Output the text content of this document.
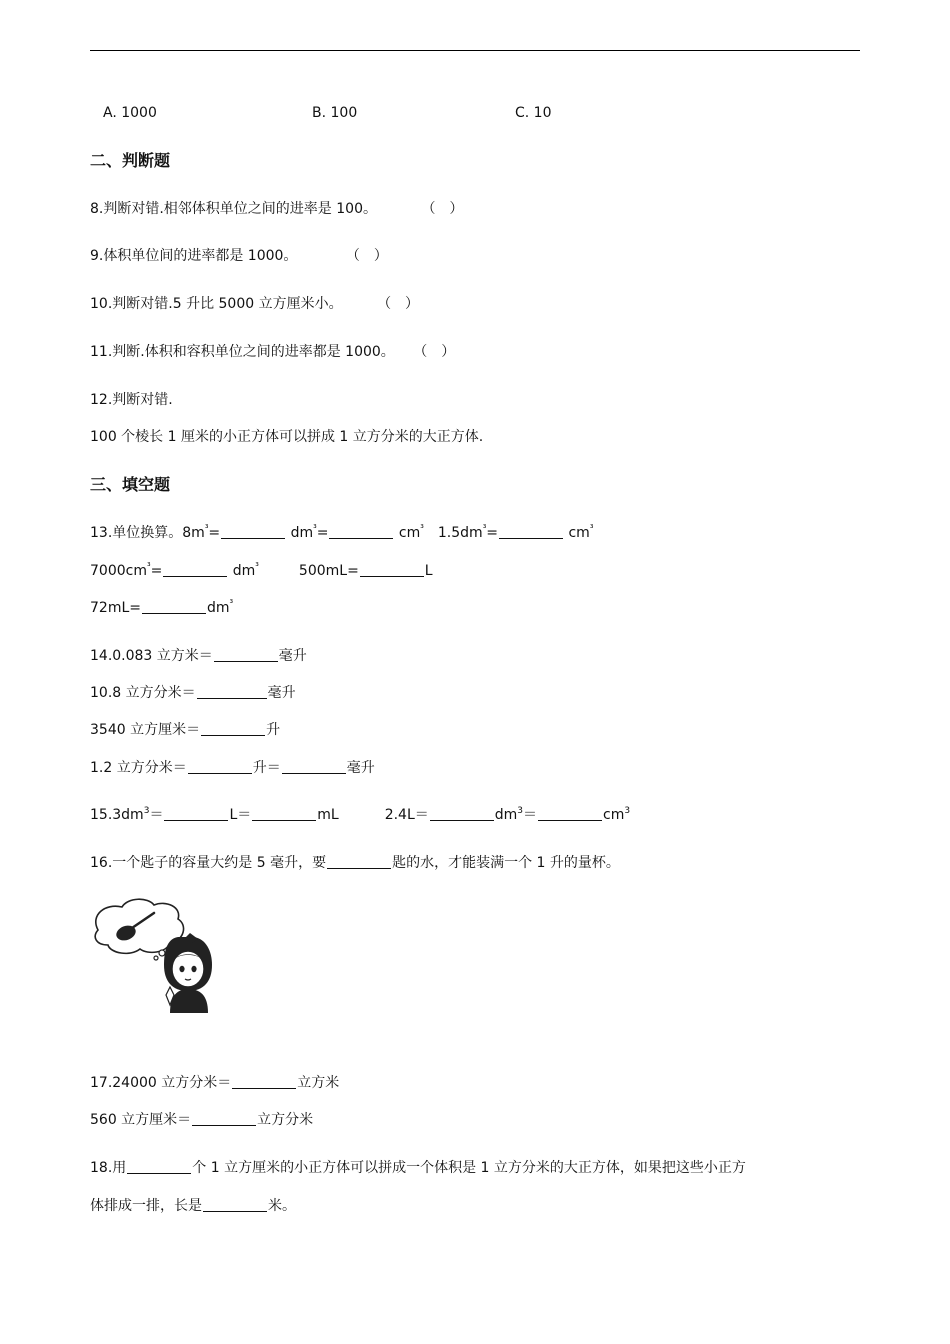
A. 1000	B. 100	C. 10
二、判断题
8.判断对错.相邻体积单位之间的进率是 100。	（　）
9.体积单位间的进率都是 1000。	（　）
10.判断对错.5 升比 5000 立方厘米小。 （　）
11.判断.体积和容积单位之间的进率都是 1000。 （　）
12.判断对错.
100 个棱长 1 厘米的小正方体可以拼成 1 立方分米的大正方体.
三、填空题
13.单位换算。$8m^{^3}=$	$dm^{^3}=$	$cm^{^3}$ $1.5dm^{^3}=$	$cm^{^3}$
$7000cm^{^3}=$	$dm^{^3}$	500mL=	L
72mL=	$dm^{^3}$
14.0.083 立方米＝	毫升
10.8 立方分米＝	毫升
3540 立方厘米＝	升
1.2 立方分米＝	升＝	毫升
$15.3dm^3=$	L＝	mL	2.4L＝	$dm^3=$	$cm^3$
16.一个匙子的容量大约是 5 毫升，要	匙的水，才能装满一个 1 升的量杯。
17.24000 立方分米＝	立方米
560 立方厘米＝	立方分米
18.用	个 1 立方厘米的小正方体可以拼成一个体积是 1 立方分米的大正方体，如果把这些小正方
体排成一排，长是	米。
